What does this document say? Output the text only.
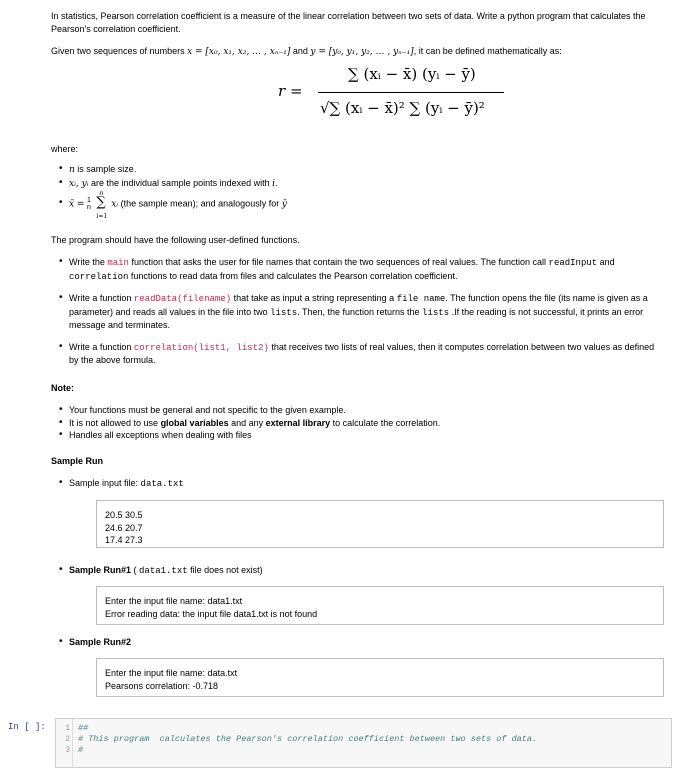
In statistics, Pearson correlation coefficient is a measure of the linear correlation between two sets of data. Write a python program that calculates the Pearson's correlation coefficient.

Given two sequences of numbers x = [x₀, x₁, x₂, … , xₙ₋₁] and y = [y₀, y₁, y₂, … , yₙ₋₁], it can be defined mathematically as:

r =
∑ (xᵢ − x̄) (yᵢ − ȳ)
√∑ (xᵢ − x̄)² ∑ (yᵢ − ȳ)²

where:

• n is sample size.
• xᵢ, yᵢ are the individual sample points indexed with i.
• x̄ = 1
n ∑
n
i=1
xᵢ (the sample mean); and analogously for ȳ

The program should have the following user-defined functions.

• Write the main function that asks the user for file names that contain the two sequences of real values. The function call readInput and correlation functions to read data from files and calculates the Pearson correlation coefficient.
• Write a function readData(filename) that take as input a string representing a file name. The function opens the file (its name is given as a parameter) and reads all values in the file into two lists. Then, the function returns the lists .If the reading is not successful, it prints an error message and terminates.
• Write a function correlation(list1, list2) that receives two lists of real values, then it computes correlation between two values as defined by the above formula.

Note:

• Your functions must be general and not specific to the given example.
• It is not allowed to use global variables and any external library to calculate the correlation.
• Handles all exceptions when dealing with files

Sample Run

• Sample input file: data.txt

20.5 30.5

24.6 20.7

17.4 27.3

• Sample Run#1 ( data1.txt file does not exist)

Enter the input file name: data1.txt

Error reading data: the input file data1.txt is not found

• Sample Run#2

Enter the input file name: data.txt

Pearsons correlation: -0.718

In [ ]:	1
2
3
##
# This program  calculates the Pearson's correlation coefficient between two sets of data.
#
